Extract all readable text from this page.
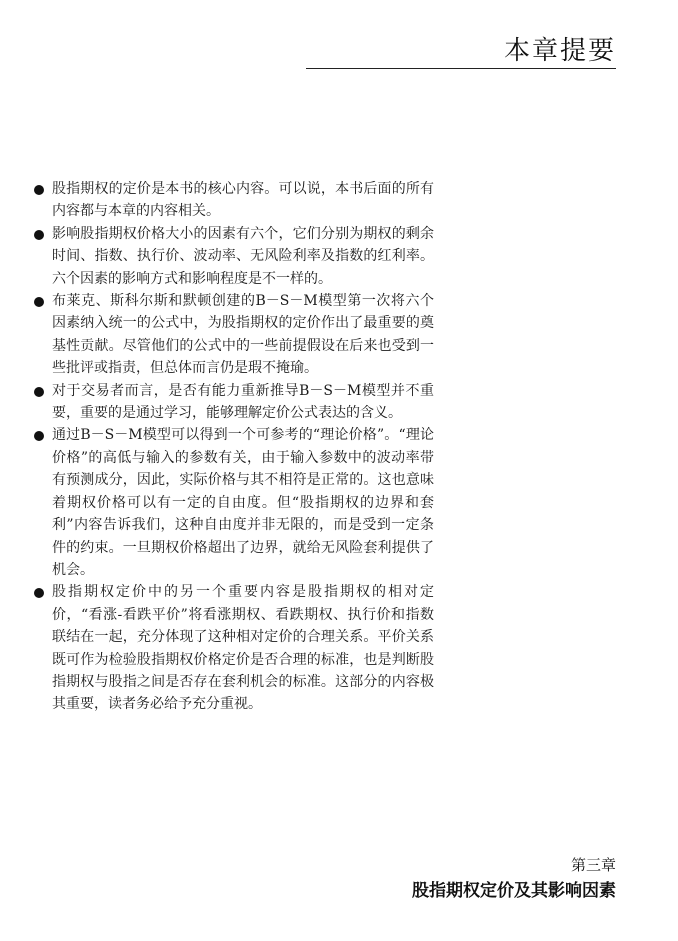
本章提要
股指期权的定价是本书的核心内容。可以说，本书后面的所有内容都与本章的内容相关。
影响股指期权价格大小的因素有六个，它们分别为期权的剩余时间、指数、执行价、波动率、无风险利率及指数的红利率。六个因素的影响方式和影响程度是不一样的。
布莱克、斯科尔斯和默顿创建的B－S－M模型第一次将六个因素纳入统一的公式中，为股指期权的定价作出了最重要的奠基性贡献。尽管他们的公式中的一些前提假设在后来也受到一些批评或指责，但总体而言仍是瑕不掩瑜。
对于交易者而言，是否有能力重新推导B－S－M模型并不重要，重要的是通过学习，能够理解定价公式表达的含义。
通过B－S－M模型可以得到一个可参考的“理论价格”。“理论价格”的高低与输入的参数有关，由于输入参数中的波动率带有预测成分，因此，实际价格与其不相符是正常的。这也意味着期权价格可以有一定的自由度。但“股指期权的边界和套利”内容告诉我们，这种自由度并非无限的，而是受到一定条件的约束。一旦期权价格超出了边界，就给无风险套利提供了机会。
股指期权定价中的另一个重要内容是股指期权的相对定价，“看涨-看跌平价”将看涨期权、看跌期权、执行价和指数联结在一起，充分体现了这种相对定价的合理关系。平价关系既可作为检验股指期权价格定价是否合理的标准，也是判断股指期权与股指之间是否存在套利机会的标准。这部分的内容极其重要，读者务必给予充分重视。
第三章
股指期权定价及其影响因素
